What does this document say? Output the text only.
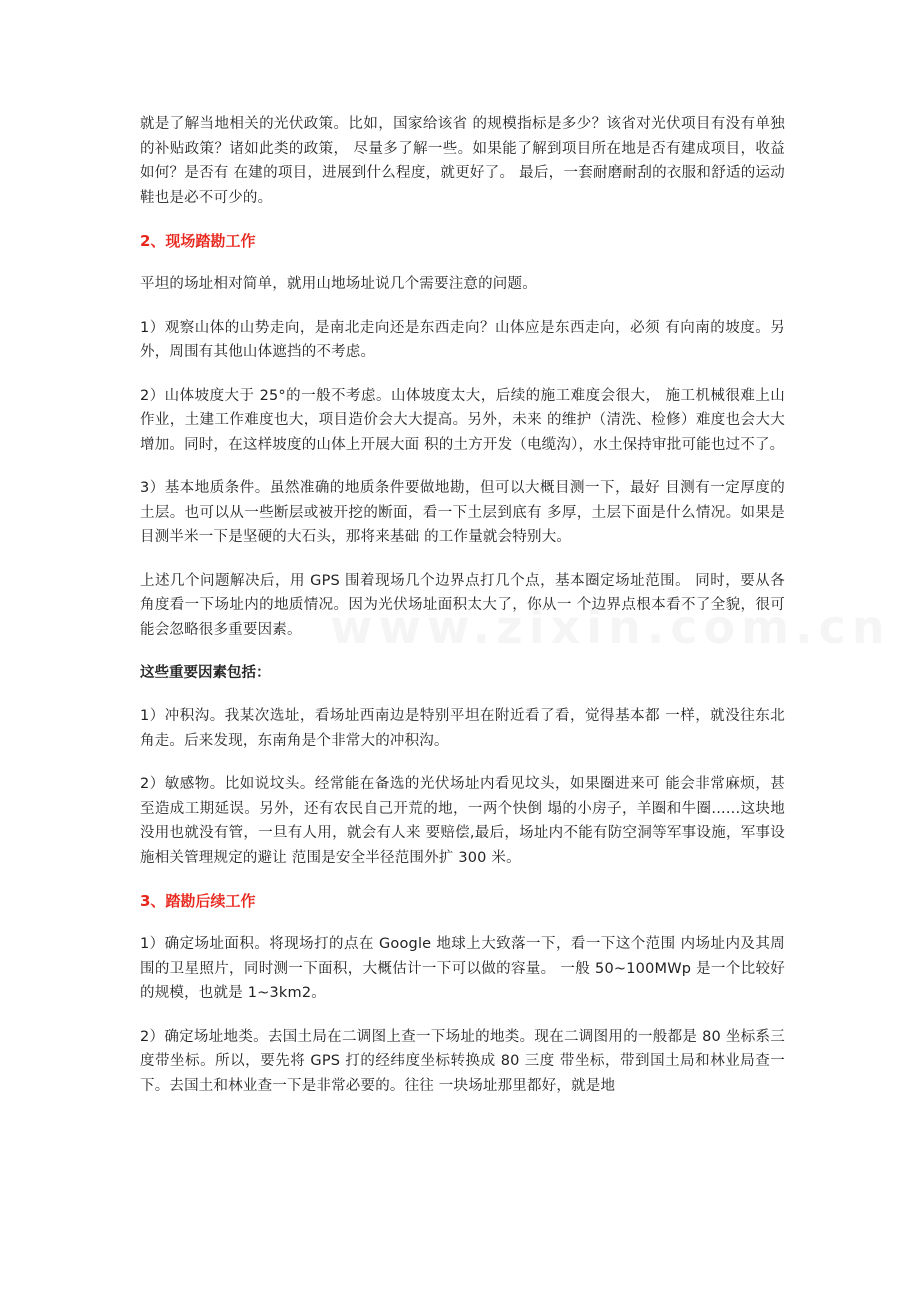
就是了解当地相关的光伏政策。比如，国家给该省 的规模指标是多少？该省对光伏项目有没有单独的补贴政策？诸如此类的政策， 尽量多了解一些。如果能了解到项目所在地是否有建成项目，收益如何？是否有 在建的项目，进展到什么程度，就更好了。 最后，一套耐磨耐刮的衣服和舒适的运动鞋也是必不可少的。

2、现场踏勘工作

平坦的场址相对简单，就用山地场址说几个需要注意的问题。

1）观察山体的山势走向，是南北走向还是东西走向？山体应是东西走向，必须 有向南的坡度。另外，周围有其他山体遮挡的不考虑。

2）山体坡度大于 25°的一般不考虑。山体坡度太大，后续的施工难度会很大， 施工机械很难上山作业，土建工作难度也大，项目造价会大大提高。另外，未来 的维护（清洗、检修）难度也会大大增加。同时，在这样坡度的山体上开展大面 积的土方开发（电缆沟），水土保持审批可能也过不了。

3）基本地质条件。虽然准确的地质条件要做地勘，但可以大概目测一下，最好 目测有一定厚度的土层。也可以从一些断层或被开挖的断面，看一下土层到底有 多厚，土层下面是什么情况。如果是目测半米一下是坚硬的大石头，那将来基础 的工作量就会特别大。

上述几个问题解决后，用 GPS 围着现场几个边界点打几个点，基本圈定场址范围。 同时，要从各角度看一下场址内的地质情况。因为光伏场址面积太大了，你从一 个边界点根本看不了全貌，很可能会忽略很多重要因素。

这些重要因素包括：

1）冲积沟。我某次选址，看场址西南边是特别平坦在附近看了看，觉得基本都 一样，就没往东北角走。后来发现，东南角是个非常大的冲积沟。

2）敏感物。比如说坟头。经常能在备选的光伏场址内看见坟头，如果圈进来可 能会非常麻烦，甚至造成工期延误。另外，还有农民自己开荒的地，一两个快倒 塌的小房子，羊圈和牛圈......这块地没用也就没有管，一旦有人用，就会有人来 要赔偿,最后，场址内不能有防空洞等军事设施，军事设施相关管理规定的避让 范围是安全半径范围外扩 300 米。

3、踏勘后续工作

1）确定场址面积。将现场打的点在 Google 地球上大致落一下，看一下这个范围 内场址内及其周围的卫星照片，同时测一下面积，大概估计一下可以做的容量。 一般 50~100MWp 是一个比较好的规模，也就是 1~3km2。

2）确定场址地类。去国土局在二调图上查一下场址的地类。现在二调图用的一般都是 80 坐标系三度带坐标。所以，要先将 GPS 打的经纬度坐标转换成 80 三度 带坐标，带到国土局和林业局查一下。去国土和林业查一下是非常必要的。往往 一块场址那里都好，就是地
